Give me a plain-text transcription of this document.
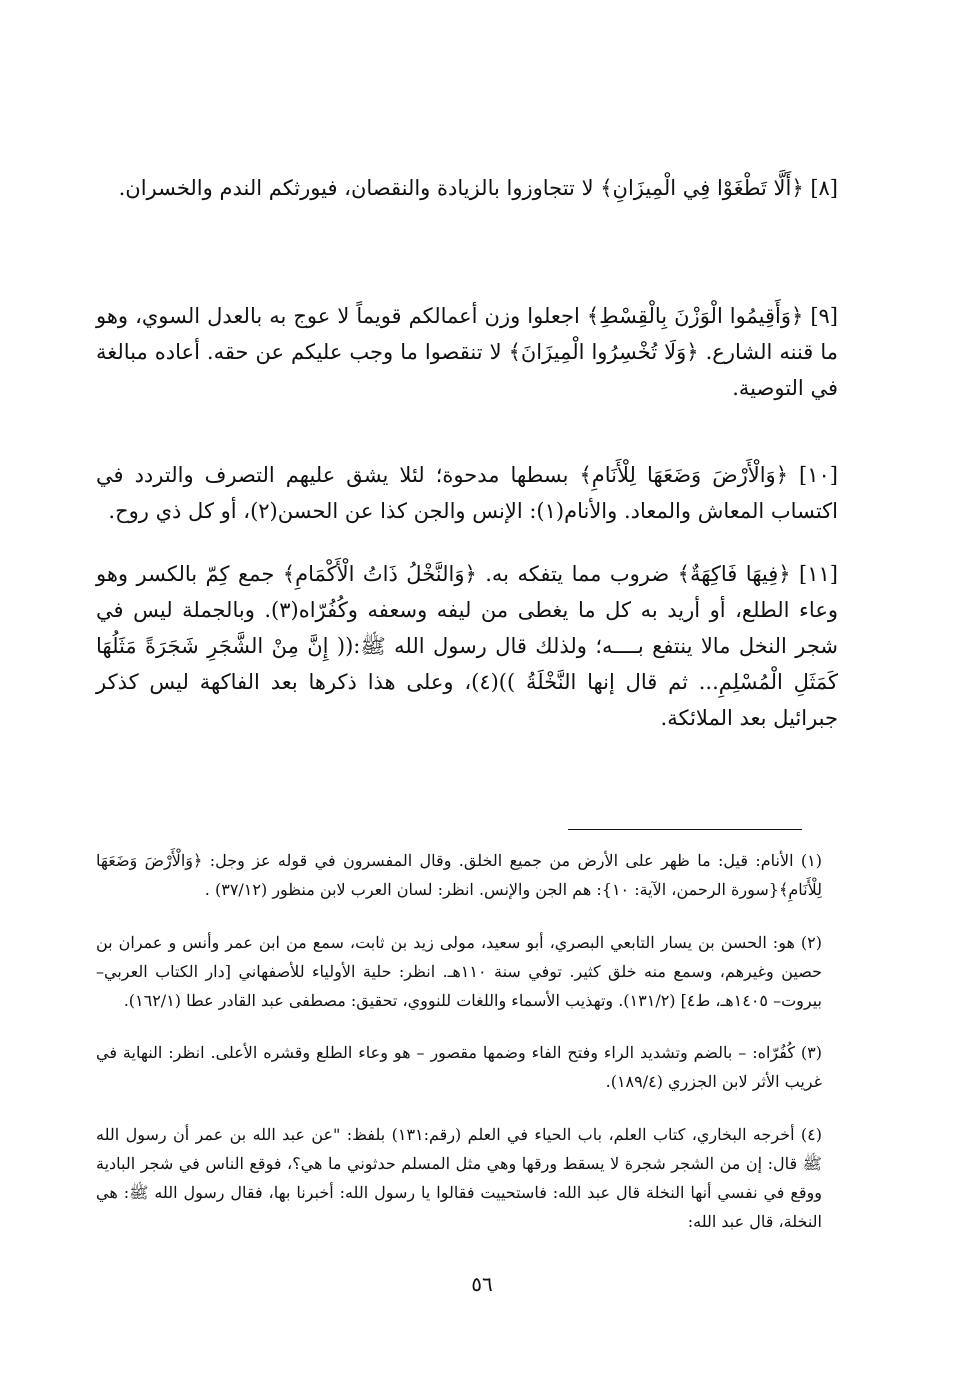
[٨] ﴿أَلَّا تَطْغَوْا فِي الْمِيزَانِ﴾ لا تتجاوزوا بالزيادة والنقصان، فيورثكم الندم والخسران.

[٩] ﴿وَأَقِيمُوا الْوَزْنَ بِالْقِسْطِ﴾ اجعلوا وزن أعمالكم قويماً لا عوج به بالعدل السوي، وهو ما قننه الشارع. ﴿وَلَا تُخْسِرُوا الْمِيزَانَ﴾ لا تنقصوا ما وجب عليكم عن حقه. أعاده مبالغة في التوصية.

[١٠] ﴿وَالْأَرْضَ وَضَعَهَا لِلْأَنَامِ﴾ بسطها مدحوة؛ لئلا يشق عليهم التصرف والتردد في اكتساب المعاش والمعاد. والأنام(١): الإنس والجن كذا عن الحسن(٢)، أو كل ذي روح.

[١١] ﴿فِيهَا فَاكِهَةٌ﴾ ضروب مما يتفكه به. ﴿وَالنَّخْلُ ذَاتُ الْأَكْمَامِ﴾ جمع كِمّ بالكسر وهو وعاء الطلع، أو أريد به كل ما يغطى من ليفه وسعفه وكُفُرّاه(٣). وبالجملة ليس في شجر النخل مالا ينتفع بــــه؛ ولذلك قال رسول الله ﷺ:(( إِنَّ مِنْ الشَّجَرِ شَجَرَةً مَثَلُهَا كَمَثَلِ الْمُسْلِمِ... ثم قال إنها النَّخْلَةُ ))(٤)، وعلى هذا ذكرها بعد الفاكهة ليس كذكر جبرائيل بعد الملائكة.

(١) الأنام: قيل: ما ظهر على الأرض من جميع الخلق. وقال المفسرون في قوله عز وجل: ﴿وَالْأَرْضَ وَضَعَهَا لِلْأَنَامِ﴾{سورة الرحمن، الآية: ١٠}: هم الجن والإنس. انظر: لسان العرب لابن منظور (٣٧/١٢) .

(٢) هو: الحسن بن يسار التابعي البصري، أبو سعيد، مولى زيد بن ثابت، سمع من ابن عمر وأنس و عمران بن حصين وغيرهم، وسمع منه خلق كثير. توفي سنة ١١٠هـ. انظر: حلية الأولياء للأصفهاني [دار الكتاب العربي– بيروت– ١٤٠٥هـ، ط٤] (١٣١/٢). وتهذيب الأسماء واللغات للنووي، تحقيق: مصطفى عبد القادر عطا (١٦٢/١).

(٣) كُفُرّاه: – بالضم وتشديد الراء وفتح الفاء وضمها مقصور – هو وعاء الطلع وقشره الأعلى. انظر: النهاية في غريب الأثر لابن الجزري (١٨٩/٤).

(٤) أخرجه البخاري، كتاب العلم، باب الحياء في العلم (رقم:١٣١) بلفظ: "عن عبد الله بن عمر أن رسول الله ﷺ قال: إن من الشجر شجرة لا يسقط ورقها وهي مثل المسلم حدثوني ما هي؟، فوقع الناس في شجر البادية ووقع في نفسي أنها النخلة قال عبد الله: فاستحييت فقالوا يا رسول الله: أخبرنا بها، فقال رسول الله ﷺ: هي النخلة، قال عبد الله:

٥٦
